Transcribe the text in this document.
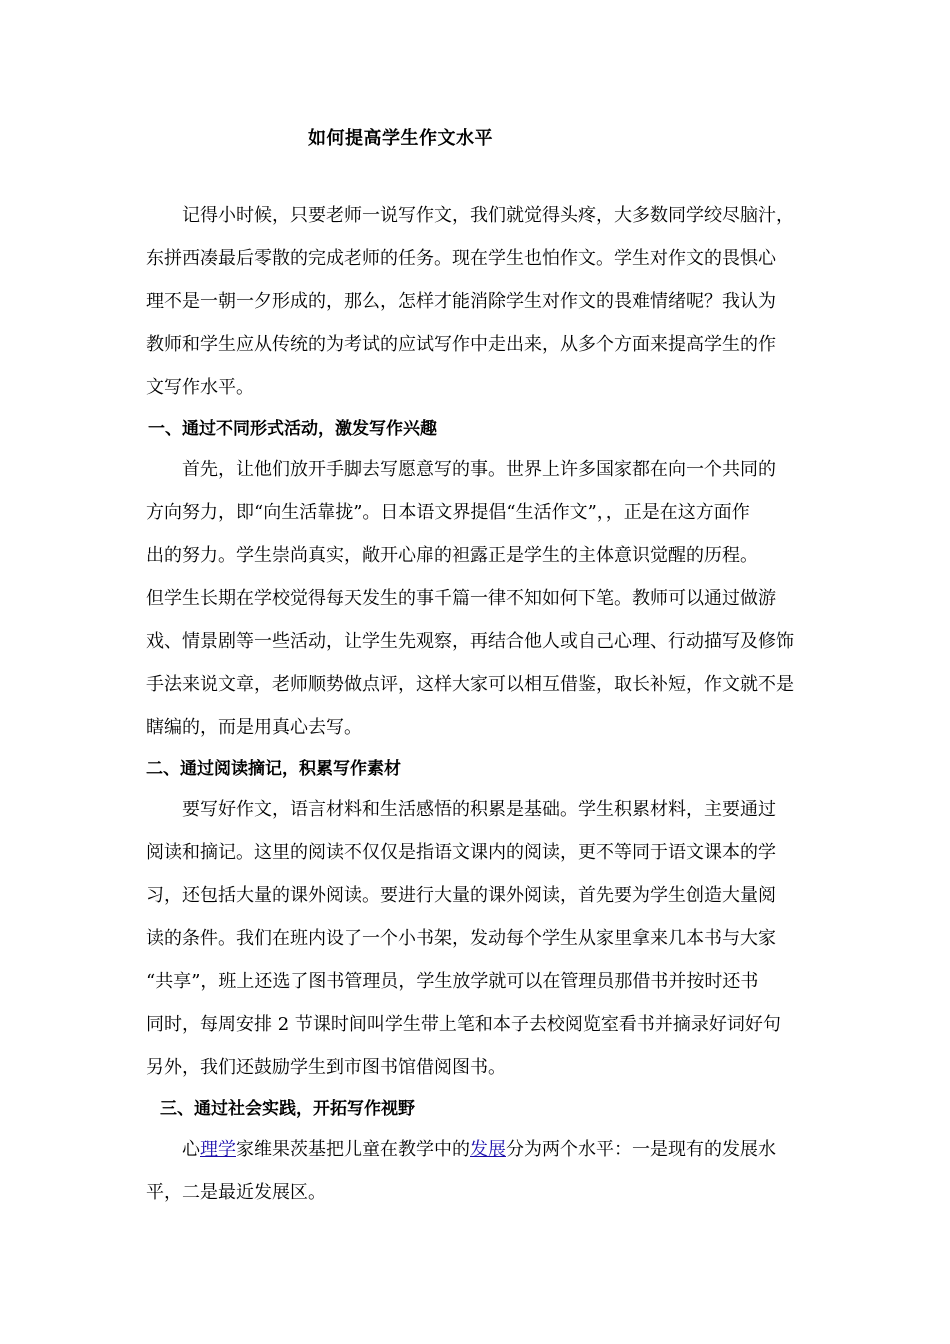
如何提高学生作文水平
记得小时候，只要老师一说写作文，我们就觉得头疼，大多数同学绞尽脑汁，
东拼西凑最后零散的完成老师的任务。现在学生也怕作文。学生对作文的畏惧心
理不是一朝一夕形成的，那么，怎样才能消除学生对作文的畏难情绪呢？我认为
教师和学生应从传统的为考试的应试写作中走出来，从多个方面来提高学生的作
文写作水平。
一、通过不同形式活动，激发写作兴趣
首先，让他们放开手脚去写愿意写的事。世界上许多国家都在向一个共同的
方向努力，即“向生活靠拢”。日本语文界提倡“生活作文”，，正是在这方面作
出的努力。学生崇尚真实，敞开心扉的袒露正是学生的主体意识觉醒的历程。
但学生长期在学校觉得每天发生的事千篇一律不知如何下笔。教师可以通过做游
戏、情景剧等一些活动，让学生先观察，再结合他人或自己心理、行动描写及修饰
手法来说文章，老师顺势做点评，这样大家可以相互借鉴，取长补短，作文就不是
瞎编的，而是用真心去写。
二、通过阅读摘记，积累写作素材
要写好作文，语言材料和生活感悟的积累是基础。学生积累材料，主要通过
阅读和摘记。这里的阅读不仅仅是指语文课内的阅读，更不等同于语文课本的学
习，还包括大量的课外阅读。要进行大量的课外阅读，首先要为学生创造大量阅
读的条件。我们在班内设了一个小书架，发动每个学生从家里拿来几本书与大家
“共享”，班上还选了图书管理员，学生放学就可以在管理员那借书并按时还书
同时，每周安排 2 节课时间叫学生带上笔和本子去校阅览室看书并摘录好词好句
另外，我们还鼓励学生到市图书馆借阅图书。
三、通过社会实践，开拓写作视野
心理学家维果茨基把儿童在教学中的发展分为两个水平：一是现有的发展水
平，二是最近发展区。
